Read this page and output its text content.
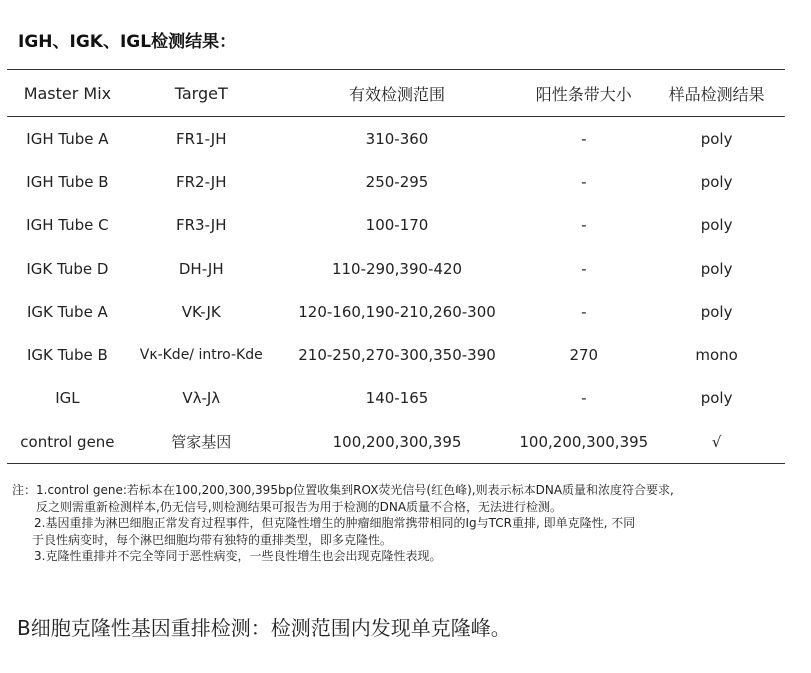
IGH、IGK、IGL检测结果：
Master Mix	TargeT	有效检测范围	阳性条带大小	样品检测结果
IGH Tube A	FR1-JH	310-360	-	poly
IGH Tube B	FR2-JH	250-295	-	poly
IGH Tube C	FR3-JH	100-170	-	poly
IGK Tube D	DH-JH	110-290,390-420	-	poly
IGK Tube A	VK-JK	120-160,190-210,260-300	-	poly
IGK Tube B	Vκ-Kde/ intro-Kde	210-250,270-300,350-390	270	mono
IGL	Vλ-Jλ	140-165	-	poly
control gene	管家基因	100,200,300,395	100,200,300,395	√
注：1.control gene:若标本在100,200,300,395bp位置收集到ROX荧光信号(红色峰),则表示标本DNA质量和浓度符合要求,
反之则需重新检测样本,仍无信号,则检测结果可报告为用于检测的DNA质量不合格，无法进行检测。
2.基因重排为淋巴细胞正常发育过程事件，但克隆性增生的肿瘤细胞常携带相同的Ig与TCR重排, 即单克隆性, 不同
于良性病变时，每个淋巴细胞均带有独特的重排类型，即多克隆性。
3.克隆性重排并不完全等同于恶性病变，一些良性增生也会出现克隆性表现。
B细胞克隆性基因重排检测：检测范围内发现单克隆峰。
